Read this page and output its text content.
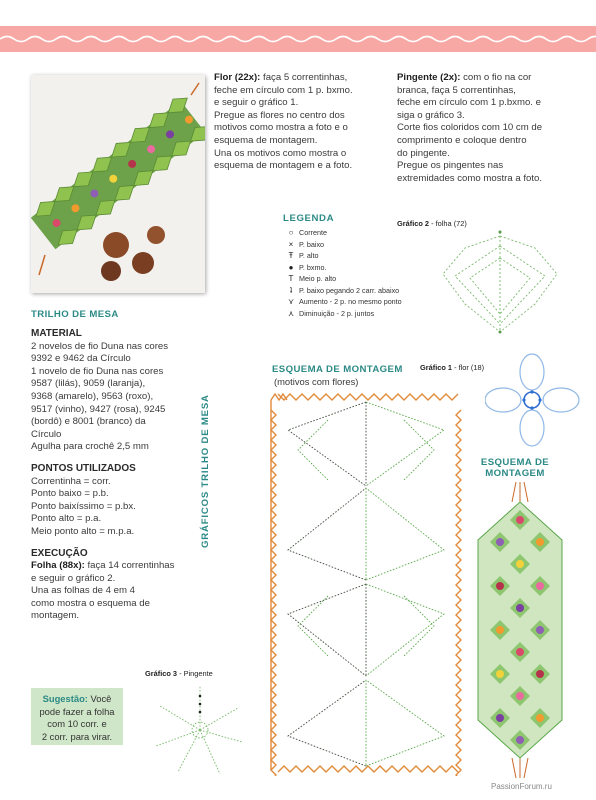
Flor (22x): faça 5 correntinhas,
feche em círculo com 1 p. bxmo.
e seguir o gráfico 1.
Pregue as flores no centro dos
motivos como mostra a foto e o
esquema de montagem.
Una os motivos como mostra o
esquema de montagem e a foto.
Pingente (2x): com o fio na cor
branca, faça 5 correntinhas,
feche em círculo com 1 p.bxmo. e
siga o gráfico 3.
Corte fios coloridos com 10 cm de
comprimento e coloque dentro
do pingente.
Pregue os pingentes nas
extremidades como mostra a foto.
TRILHO DE MESA
MATERIAL
2 novelos de fio Duna nas cores
9392 e 9462 da Círculo
1 novelo de fio Duna nas cores
9587 (lilás), 9059 (laranja),
9368 (amarelo), 9563 (roxo),
9517 (vinho), 9427 (rosa), 9245
(bordô) e 8001 (branco) da
Círculo
Agulha para crochê 2,5 mm
PONTOS UTILIZADOS
Correntinha = corr.
Ponto baixo = p.b.
Ponto baixíssimo = p.bx.
Ponto alto = p.a.
Meio ponto alto = m.p.a.
EXECUÇÃO
Folha (88x): faça 14 correntinhas
e seguir o gráfico 2.
Una as folhas de 4 em 4
como mostra o esquema de
montagem.
GRÁFICOS TRILHO DE MESA
LEGENDA
○ Corrente
× P. baixo
Ŧ P. alto
● P. bxmo.
T Meio p. alto
ʇ P. baixo pegando 2 carr. abaixo
⋎ Aumento - 2 p. no mesmo ponto
⋏ Diminuição - 2 p. juntos
Gráfico 2 - folha (72)
Gráfico 1 - flor (18)
ESQUEMA DE MONTAGEM
(motivos com flores)
ESQUEMA DE
MONTAGEM
Gráfico 3 - Pingente
Sugestão: Você
pode fazer a folha
com 10 corr. e
2 corr. para virar.
PassionForum.ru
